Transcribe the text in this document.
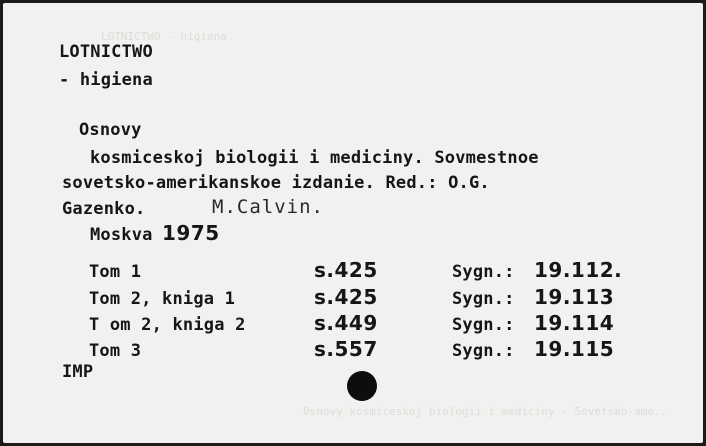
LOTNICTWO - higiena
Osnovy kosmiceskoj biologii i mediciny - Sovetsko-ame..
LOTNICTWO
- higiena
Osnovy
kosmiceskoj biologii i mediciny. Sovmestnoe
sovetsko-amerikanskoe izdanie. Red.: O.G.
Gazenko.	M.Calvin.
Moskva 1975
Tom 1	s.425	Sygn.: 19.112.
Tom 2, kniga 1	s.425	Sygn.: 19.113
T om 2, kniga 2	s.449	Sygn.: 19.114
Tom 3	s.557	Sygn.: 19.115
IMP
